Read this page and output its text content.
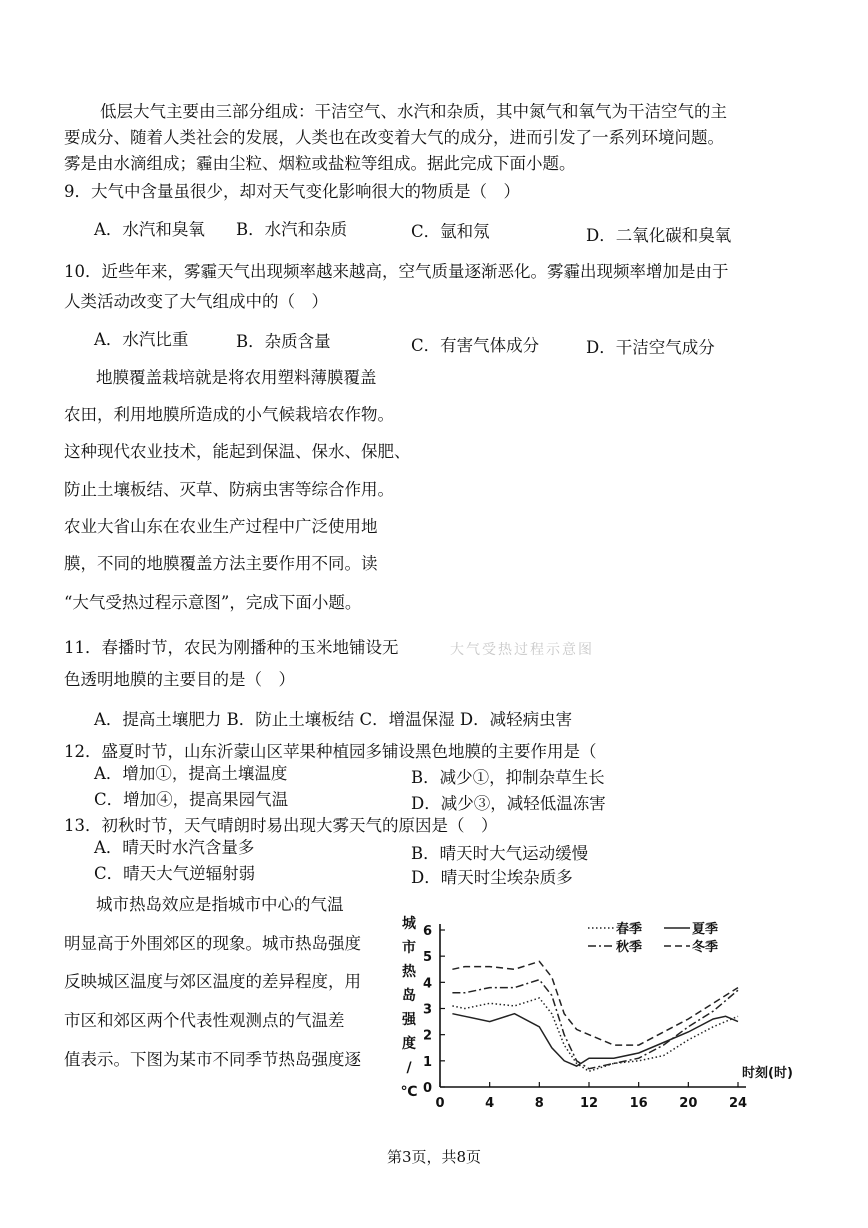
低层大气主要由三部分组成：干洁空气、水汽和杂质，其中氮气和氧气为干洁空气的主
要成分、随着人类社会的发展，人类也在改变着大气的成分，进而引发了一系列环境问题。
雾是由水滴组成；霾由尘粒、烟粒或盐粒等组成。据此完成下面小题。
9．大气中含量虽很少，却对天气变化影响很大的物质是（　）
A．水汽和臭氧 B．水汽和杂质	C．氩和氖	D．二氧化碳和臭氧
10．近些年来，雾霾天气出现频率越来越高，空气质量逐渐恶化。雾霾出现频率增加是由于
人类活动改变了大气组成中的（　）
A．水汽比重	B．杂质含量	C．有害气体成分	D．干洁空气成分
地膜覆盖栽培就是将农用塑料薄膜覆盖
农田，利用地膜所造成的小气候栽培农作物。
这种现代农业技术，能起到保温、保水、保肥、
防止土壤板结、灭草、防病虫害等综合作用。
农业大省山东在农业生产过程中广泛使用地
膜，不同的地膜覆盖方法主要作用不同。读
“大气受热过程示意图”，完成下面小题。
大气受热过程示意图
11．春播时节，农民为刚播种的玉米地铺设无
色透明地膜的主要目的是（　）
A．提高土壤肥力 B．防止土壤板结 C．增温保湿 D．减轻病虫害
12．盛夏时节，山东沂蒙山区苹果种植园多铺设黑色地膜的主要作用是（
A．增加①，提高土壤温度	B．减少①，抑制杂草生长
C．增加④，提高果园气温	D．减少③，减轻低温冻害
13．初秋时节，天气晴朗时易出现大雾天气的原因是（　）
A．晴天时水汽含量多	B．晴天时大气运动缓慢
C．晴天大气逆辐射弱	D．晴天时尘埃杂质多
城市热岛效应是指城市中心的气温
明显高于外围郊区的现象。城市热岛强度
反映城区温度与郊区温度的差异程度，用
市区和郊区两个代表性观测点的气温差
值表示。下图为某市不同季节热岛强度逐
0
1
2
3
4
5
6
0	4	8	12 16 20 24
城
市
热
岛
强
度
/
℃
时刻(时)
春季	夏季
秋季	冬季
第3页，共8页
